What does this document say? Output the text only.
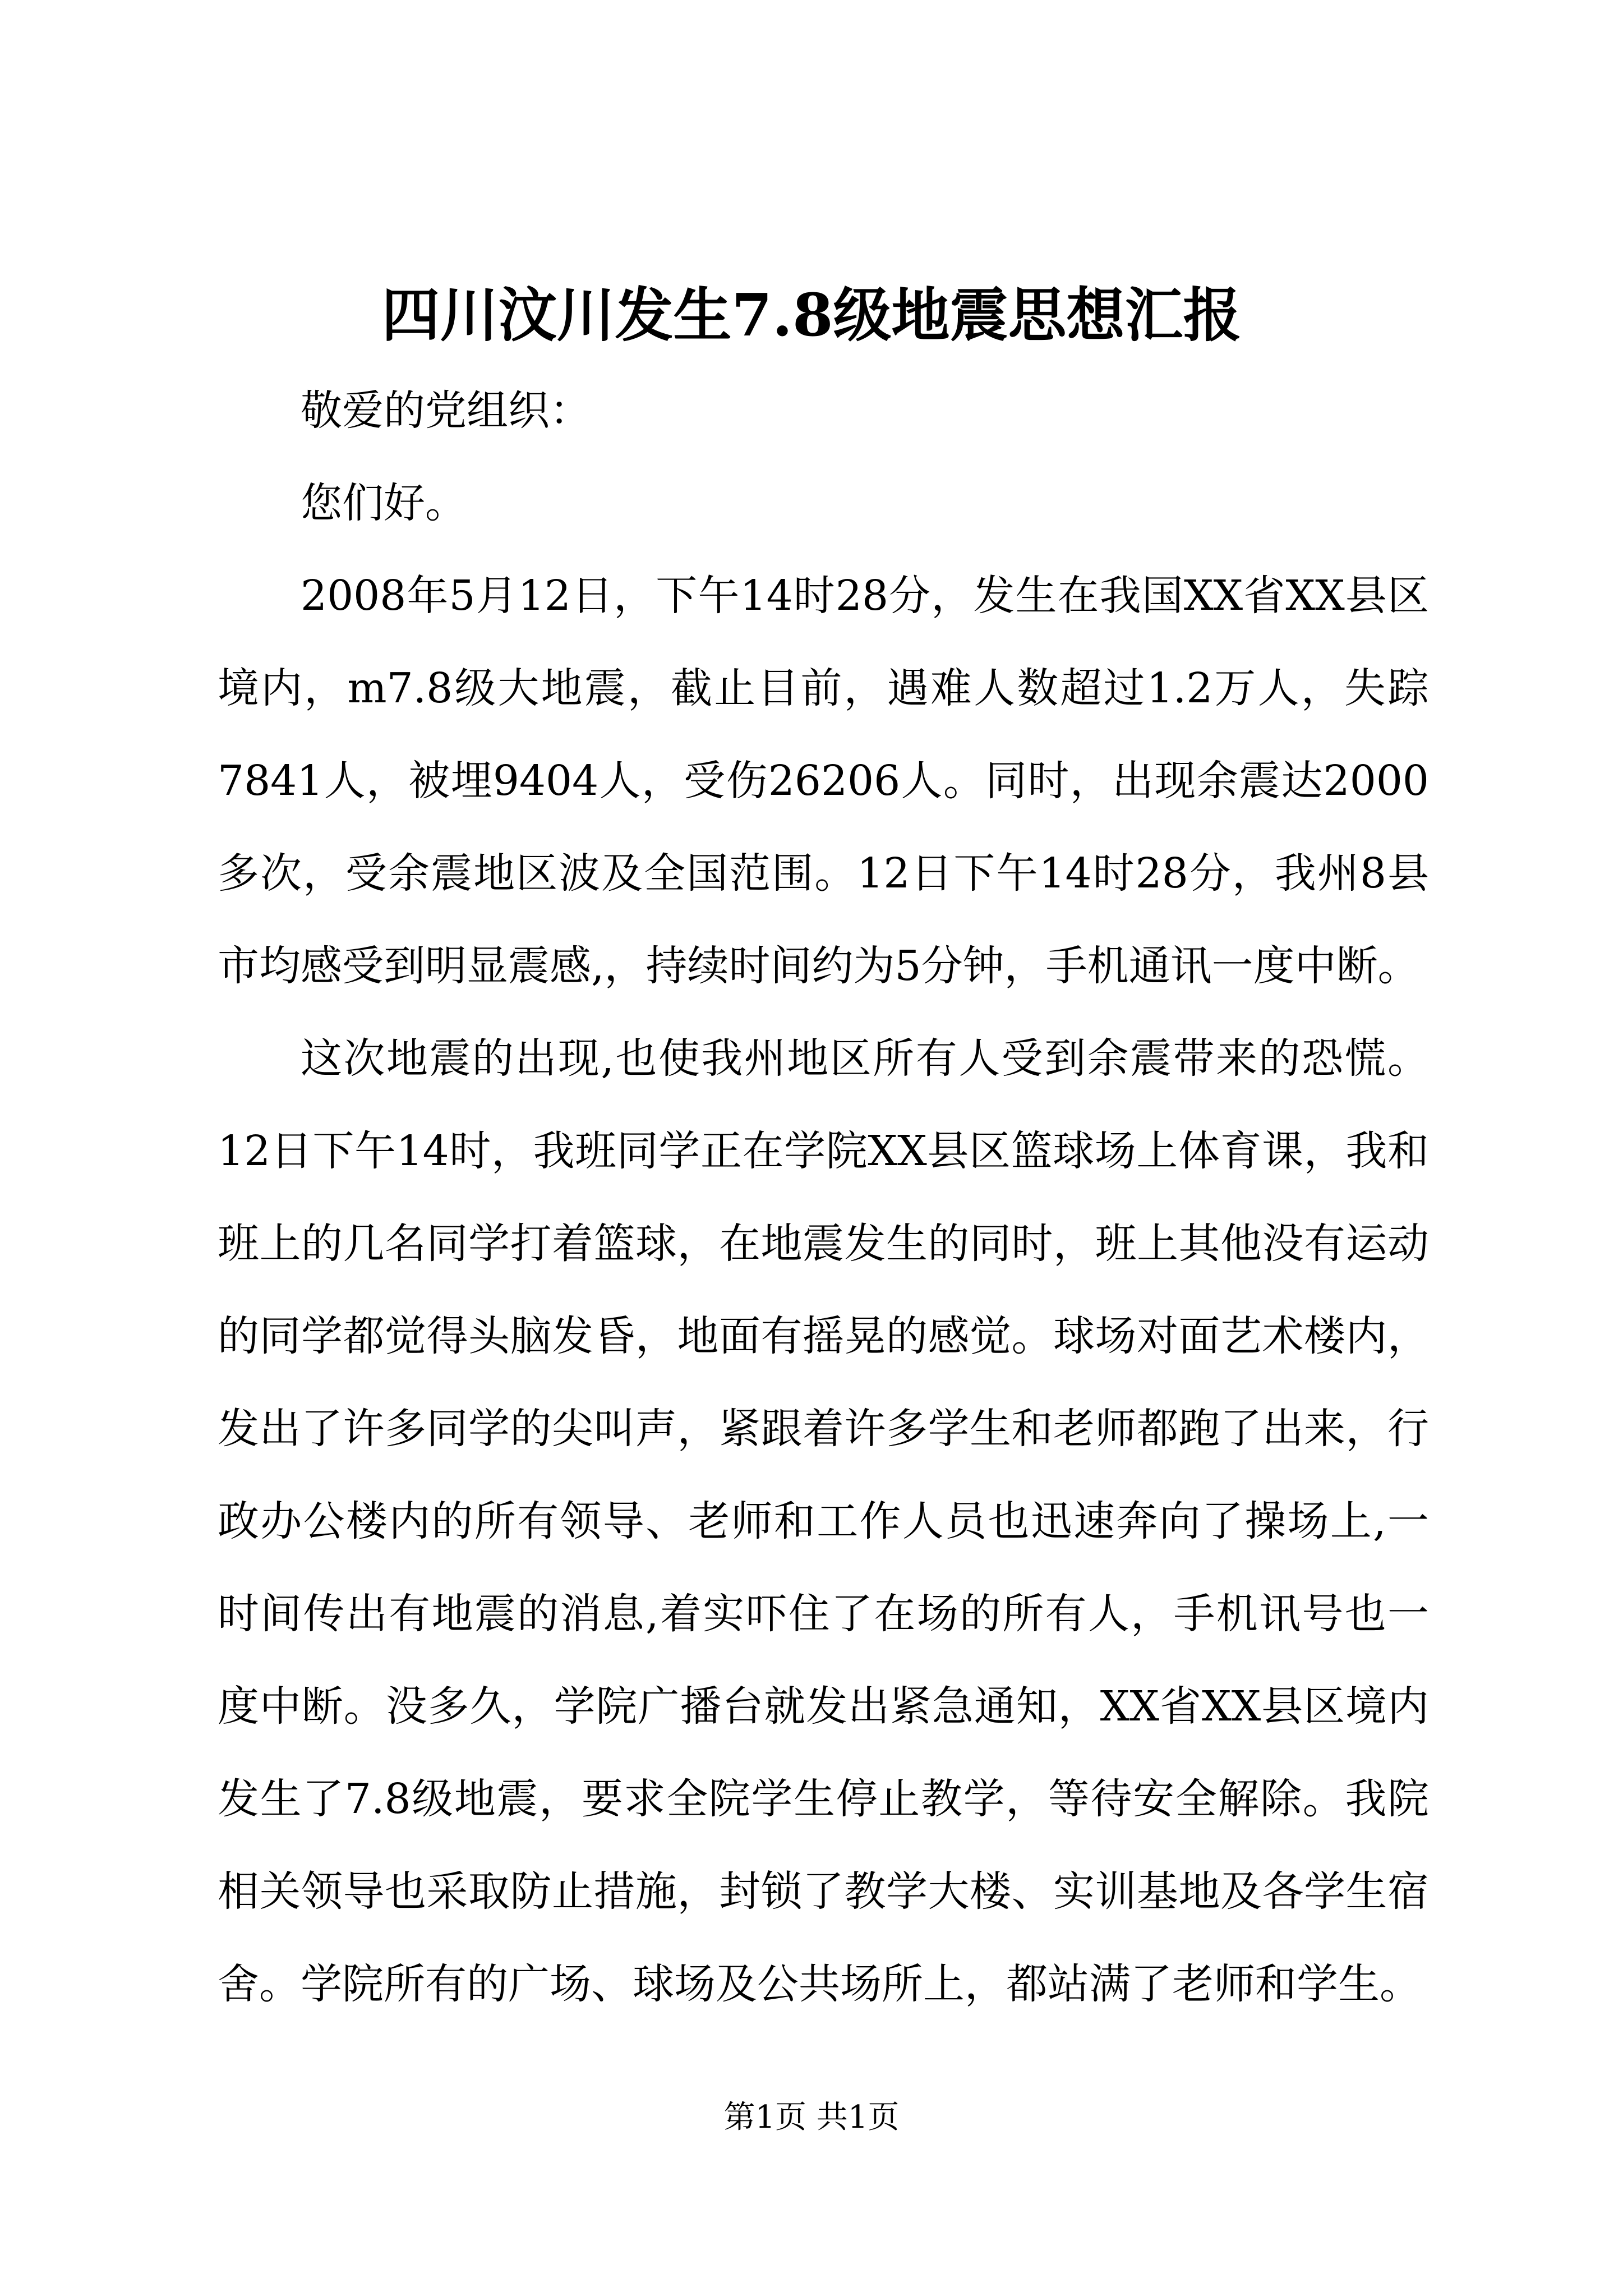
四川汶川发生7.8级地震思想汇报

敬爱的党组织：

您们好。

2008年5月12日，下午14时28分，发生在我国XX省XX县区境内，m7.8级大地震，截止目前，遇难人数超过1.2万人，失踪7841人，被埋9404人，受伤26206人。同时，出现余震达2000多次，受余震地区波及全国范围。12日下午14时28分，我州8县市均感受到明显震感,，持续时间约为5分钟，手机通讯一度中断。

这次地震的出现,也使我州地区所有人受到余震带来的恐慌。12日下午14时，我班同学正在学院XX县区篮球场上体育课，我和班上的几名同学打着篮球，在地震发生的同时，班上其他没有运动的同学都觉得头脑发昏，地面有摇晃的感觉。球场对面艺术楼内，发出了许多同学的尖叫声，紧跟着许多学生和老师都跑了出来，行政办公楼内的所有领导、老师和工作人员也迅速奔向了操场上,一时间传出有地震的消息,着实吓住了在场的所有人，手机讯号也一度中断。没多久，学院广播台就发出紧急通知，XX省XX县区境内发生了7.8级地震，要求全院学生停止教学，等待安全解除。我院相关领导也采取防止措施，封锁了教学大楼、实训基地及各学生宿舍。学院所有的广场、球场及公共场所上，都站满了老师和学生。

第1页 共1页
